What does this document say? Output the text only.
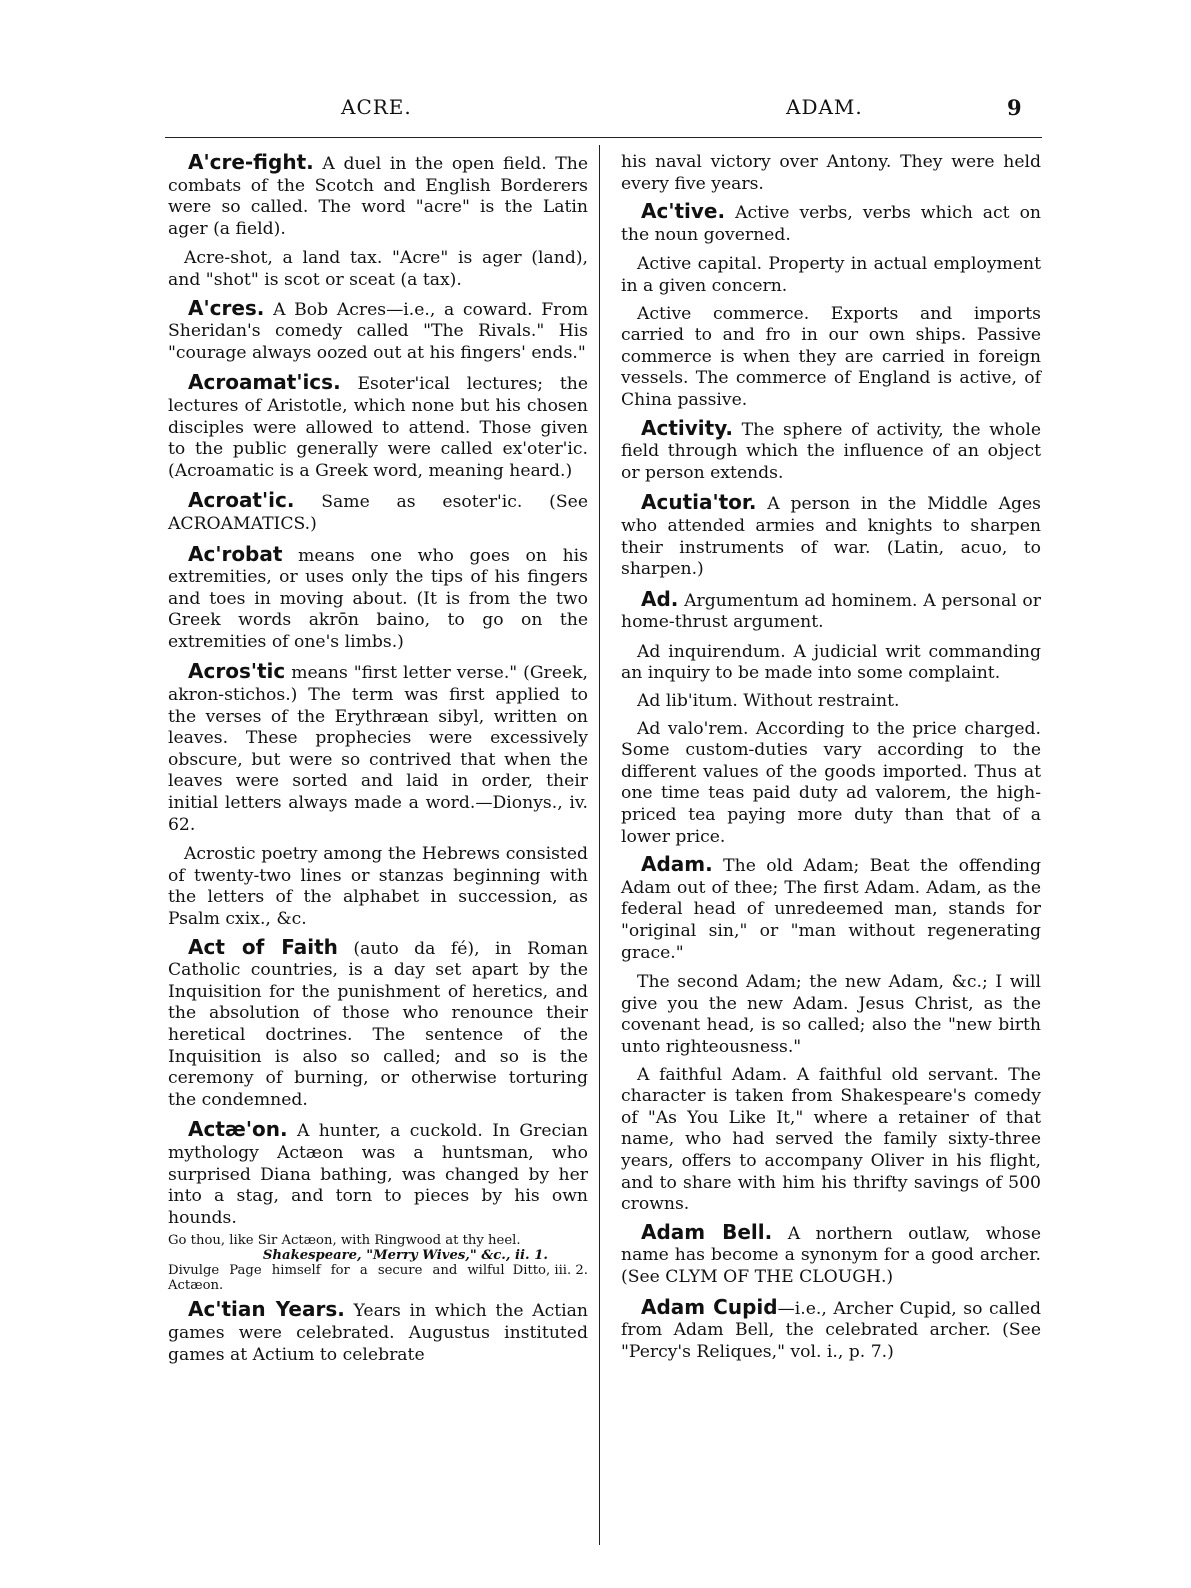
ACRE.	ADAM.	9

A'cre-fight. A duel in the open field. The combats of the Scotch and English Borderers were so called. The word "acre" is the Latin ager (a field).

Acre-shot, a land tax. "Acre" is ager (land), and "shot" is scot or sceat (a tax).

A'cres. A Bob Acres—i.e., a coward. From Sheridan's comedy called "The Rivals." His "courage always oozed out at his fingers' ends."

Acroamat'ics. Esoter'ical lectures; the lectures of Aristotle, which none but his chosen disciples were allowed to attend. Those given to the public generally were called ex'oter'ic. (Acroamatic is a Greek word, meaning heard.)

Acroat'ic. Same as esoter'ic. (See ACROAMATICS.)

Ac'robat means one who goes on his extremities, or uses only the tips of his fingers and toes in moving about. (It is from the two Greek words akrōn baino, to go on the extremities of one's limbs.)

Acros'tic means "first letter verse." (Greek, akron-stichos.) The term was first applied to the verses of the Erythræan sibyl, written on leaves. These prophecies were excessively obscure, but were so contrived that when the leaves were sorted and laid in order, their initial letters always made a word.—Dionys., iv. 62.

Acrostic poetry among the Hebrews consisted of twenty-two lines or stanzas beginning with the letters of the alphabet in succession, as Psalm cxix., &c.

Act of Faith (auto da fé), in Roman Catholic countries, is a day set apart by the Inquisition for the punishment of heretics, and the absolution of those who renounce their heretical doctrines. The sentence of the Inquisition is also so called; and so is the ceremony of burning, or otherwise torturing the condemned.

Actæ'on. A hunter, a cuckold. In Grecian mythology Actæon was a huntsman, who surprised Diana bathing, was changed by her into a stag, and torn to pieces by his own hounds.

Go thou, like Sir Actæon, with Ringwood at thy heel.
Shakespeare, "Merry Wives," &c., ii. 1.
Divulge Page himself for a secure and wilful Actæon.
Ditto, iii. 2.

Ac'tian Years. Years in which the Actian games were celebrated. Augustus instituted games at Actium to celebrate

his naval victory over Antony. They were held every five years.

Ac'tive. Active verbs, verbs which act on the noun governed.

Active capital. Property in actual employment in a given concern.

Active commerce. Exports and imports carried to and fro in our own ships. Passive commerce is when they are carried in foreign vessels. The commerce of England is active, of China passive.

Activity. The sphere of activity, the whole field through which the influence of an object or person extends.

Acutia'tor. A person in the Middle Ages who attended armies and knights to sharpen their instruments of war. (Latin, acuo, to sharpen.)

Ad. Argumentum ad hominem. A personal or home-thrust argument.

Ad inquirendum. A judicial writ commanding an inquiry to be made into some complaint.

Ad lib'itum. Without restraint.

Ad valo'rem. According to the price charged. Some custom-duties vary according to the different values of the goods imported. Thus at one time teas paid duty ad valorem, the high-priced tea paying more duty than that of a lower price.

Adam. The old Adam; Beat the offending Adam out of thee; The first Adam. Adam, as the federal head of unredeemed man, stands for "original sin," or "man without regenerating grace."

The second Adam; the new Adam, &c.; I will give you the new Adam. Jesus Christ, as the covenant head, is so called; also the "new birth unto righteousness."

A faithful Adam. A faithful old servant. The character is taken from Shakespeare's comedy of "As You Like It," where a retainer of that name, who had served the family sixty-three years, offers to accompany Oliver in his flight, and to share with him his thrifty savings of 500 crowns.

Adam Bell. A northern outlaw, whose name has become a synonym for a good archer. (See CLYM OF THE CLOUGH.)

Adam Cupid—i.e., Archer Cupid, so called from Adam Bell, the celebrated archer. (See "Percy's Reliques," vol. i., p. 7.)
